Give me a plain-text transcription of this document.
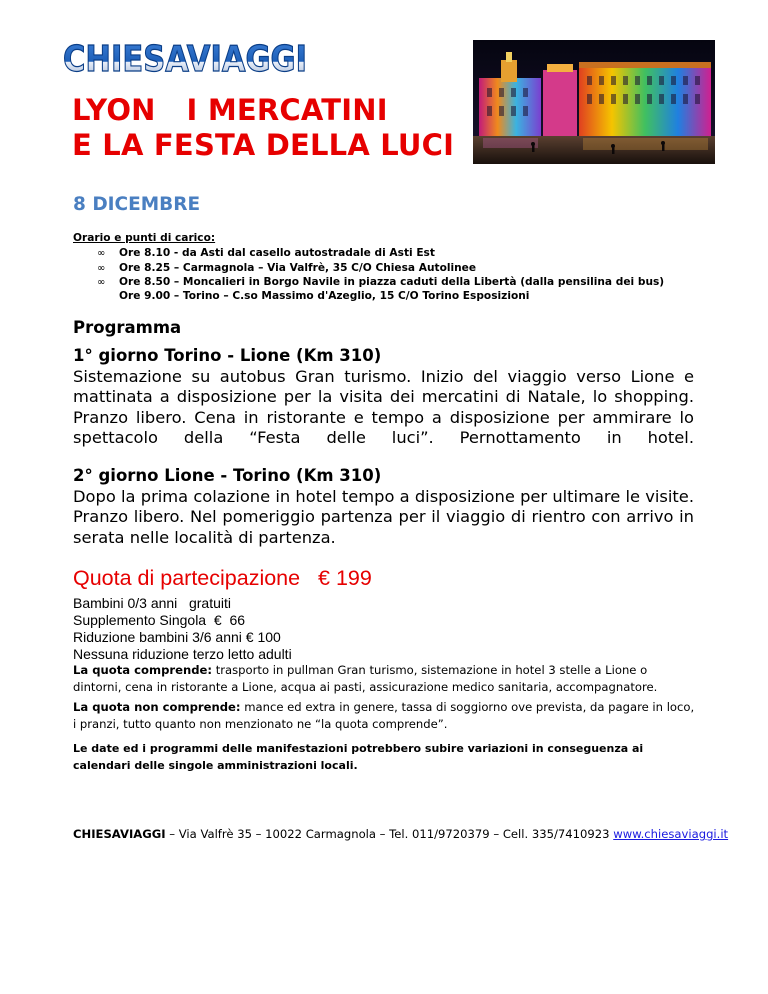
CHIESAVIAGGI
LYON   I MERCATINI
E LA FESTA DELLA LUCI
8 DICEMBRE
Orario e punti di carico:
∞ Ore 8.10 - da Asti dal casello autostradale di Asti Est
∞ Ore 8.25 – Carmagnola – Via Valfrè, 35 C/O Chiesa Autolinee
∞ Ore 8.50 – Moncalieri in Borgo Navile in piazza caduti della Libertà (dalla pensilina dei bus)
Ore 9.00 – Torino – C.so Massimo d'Azeglio, 15 C/O Torino Esposizioni
Programma
1° giorno Torino - Lione (Km 310)
Sistemazione su autobus Gran turismo. Inizio del viaggio verso Lione e mattinata a disposizione per la visita dei mercatini di Natale, lo shopping. Pranzo libero. Cena in ristorante e tempo a disposizione per ammirare lo spettacolo della “Festa delle luci”. Pernottamento in hotel.
2° giorno Lione - Torino (Km 310)
Dopo la prima colazione in hotel tempo a disposizione per ultimare le visite. Pranzo libero. Nel pomeriggio partenza per il viaggio di rientro con arrivo in serata nelle località di partenza.
Quota di partecipazione   € 199
Bambini 0/3 anni   gratuiti
Supplemento Singola  €  66
Riduzione bambini 3/6 anni € 100
Nessuna riduzione terzo letto adulti
La quota comprende: trasporto in pullman Gran turismo, sistemazione in hotel 3 stelle a Lione o dintorni, cena in ristorante a Lione, acqua ai pasti, assicurazione medico sanitaria, accompagnatore.
La quota non comprende: mance ed extra in genere, tassa di soggiorno ove prevista, da pagare in loco, i pranzi, tutto quanto non menzionato ne “la quota comprende”.
Le date ed i programmi delle manifestazioni potrebbero subire variazioni in conseguenza ai calendari delle singole amministrazioni locali.
CHIESAVIAGGI – Via Valfrè 35 – 10022 Carmagnola – Tel. 011/9720379 – Cell. 335/7410923 www.chiesaviaggi.it
